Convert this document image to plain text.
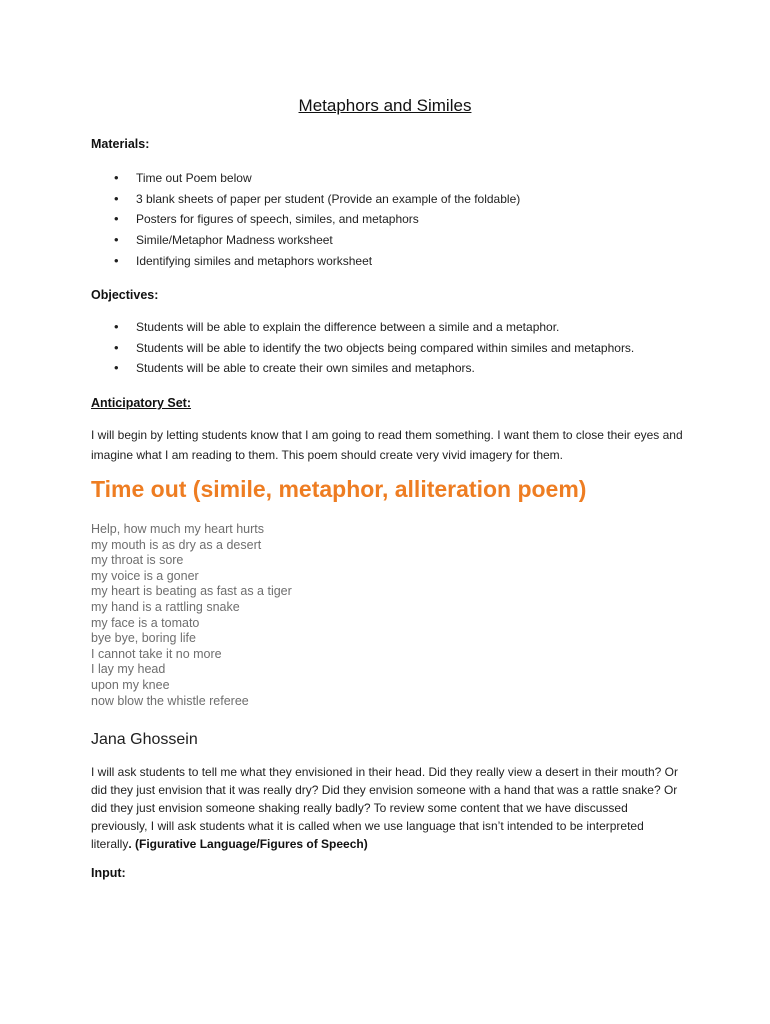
Metaphors and Similes
Materials:
• Time out Poem below
• 3 blank sheets of paper per student (Provide an example of the foldable)
• Posters for figures of speech, similes, and metaphors
• Simile/Metaphor Madness worksheet
• Identifying similes and metaphors worksheet
Objectives:
• Students will be able to explain the difference between a simile and a metaphor.
• Students will be able to identify the two objects being compared within similes and metaphors.
• Students will be able to create their own similes and metaphors.
Anticipatory Set:

I will begin by letting students know that I am going to read them something. I want them to close their eyes and imagine what I am reading to them. This poem should create very vivid imagery for them.

Time out (simile, metaphor, alliteration poem)
Help, how much my heart hurts
my mouth is as dry as a desert
my throat is sore
my voice is a goner
my heart is beating as fast as a tiger
my hand is a rattling snake
my face is a tomato
bye bye, boring life
I cannot take it no more
I lay my head
upon my knee
now blow the whistle referee
Jana Ghossein

I will ask students to tell me what they envisioned in their head. Did they really view a desert in their mouth? Or did they just envision that it was really dry? Did they envision someone with a hand that was a rattle snake? Or did they just envision someone shaking really badly? To review some content that we have discussed previously, I will ask students what it is called when we use language that isn’t intended to be interpreted literally. (Figurative Language/Figures of Speech)

Input:
